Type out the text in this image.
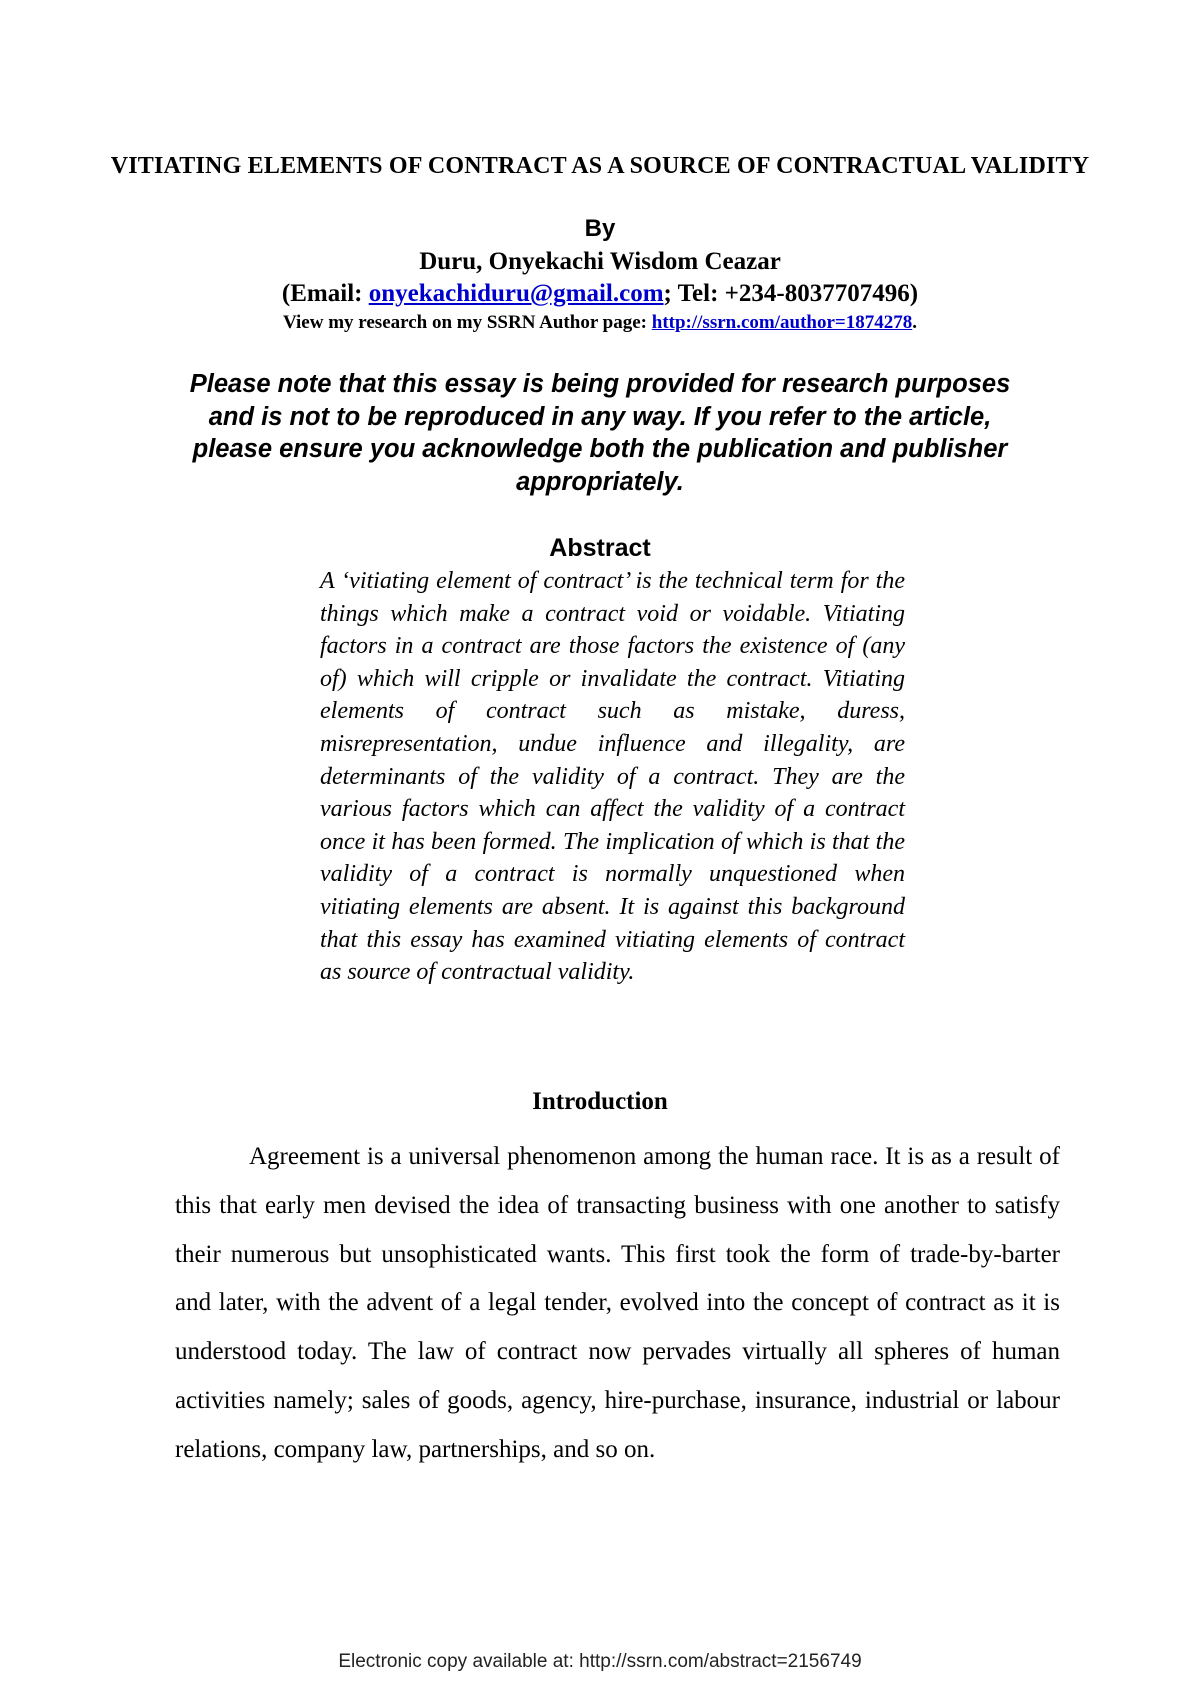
VITIATING ELEMENTS OF CONTRACT AS A SOURCE OF CONTRACTUAL VALIDITY
By
Duru, Onyekachi Wisdom Ceazar
(Email: onyekachiduru@gmail.com; Tel: +234-8037707496)
View my research on my SSRN Author page: http://ssrn.com/author=1874278.
Please note that this essay is being provided for research purposes and is not to be reproduced in any way. If you refer to the article, please ensure you acknowledge both the publication and publisher appropriately.
Abstract

A ‘vitiating element of contract’ is the technical term for the things which make a contract void or voidable. Vitiating factors in a contract are those factors the existence of (any of) which will cripple or invalidate the contract. Vitiating elements of contract such as mistake, duress, misrepresentation, undue influence and illegality, are determinants of the validity of a contract. They are the various factors which can affect the validity of a contract once it has been formed. The implication of which is that the validity of a contract is normally unquestioned when vitiating elements are absent. It is against this background that this essay has examined vitiating elements of contract as source of contractual validity.

Introduction

Agreement is a universal phenomenon among the human race. It is as a result of this that early men devised the idea of transacting business with one another to satisfy their numerous but unsophisticated wants. This first took the form of trade-by-barter and later, with the advent of a legal tender, evolved into the concept of contract as it is understood today. The law of contract now pervades virtually all spheres of human activities namely; sales of goods, agency, hire-purchase, insurance, industrial or labour relations, company law, partnerships, and so on.

Electronic copy available at: http://ssrn.com/abstract=2156749
